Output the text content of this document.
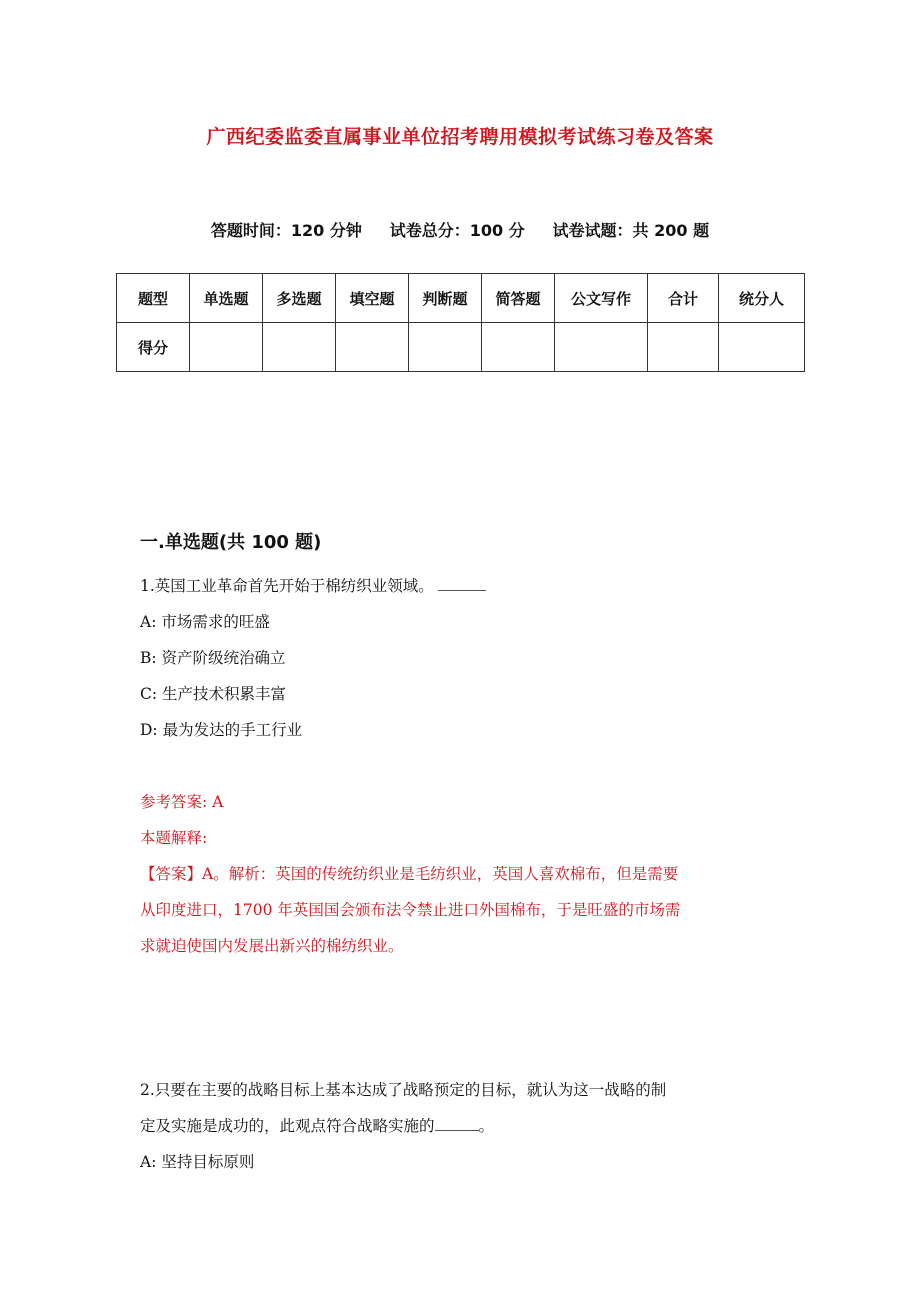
广西纪委监委直属事业单位招考聘用模拟考试练习卷及答案
答题时间：120 分钟     试卷总分：100 分     试卷试题：共 200 题
题型	单选题	多选题	填空题	判断题	简答题	公文写作	合计	统分人
得分								
一.单选题(共 100 题)
1.英国工业革命首先开始于棉纺织业领域。
A: 市场需求的旺盛
B: 资产阶级统治确立
C: 生产技术积累丰富
D: 最为发达的手工行业
参考答案: A
本题解释:
【答案】A。解析：英国的传统纺织业是毛纺织业，英国人喜欢棉布，但是需要
从印度进口，1700 年英国国会颁布法令禁止进口外国棉布，于是旺盛的市场需
求就迫使国内发展出新兴的棉纺织业。
2.只要在主要的战略目标上基本达成了战略预定的目标，就认为这一战略的制
定及实施是成功的，此观点符合战略实施的	。
A: 坚持目标原则
